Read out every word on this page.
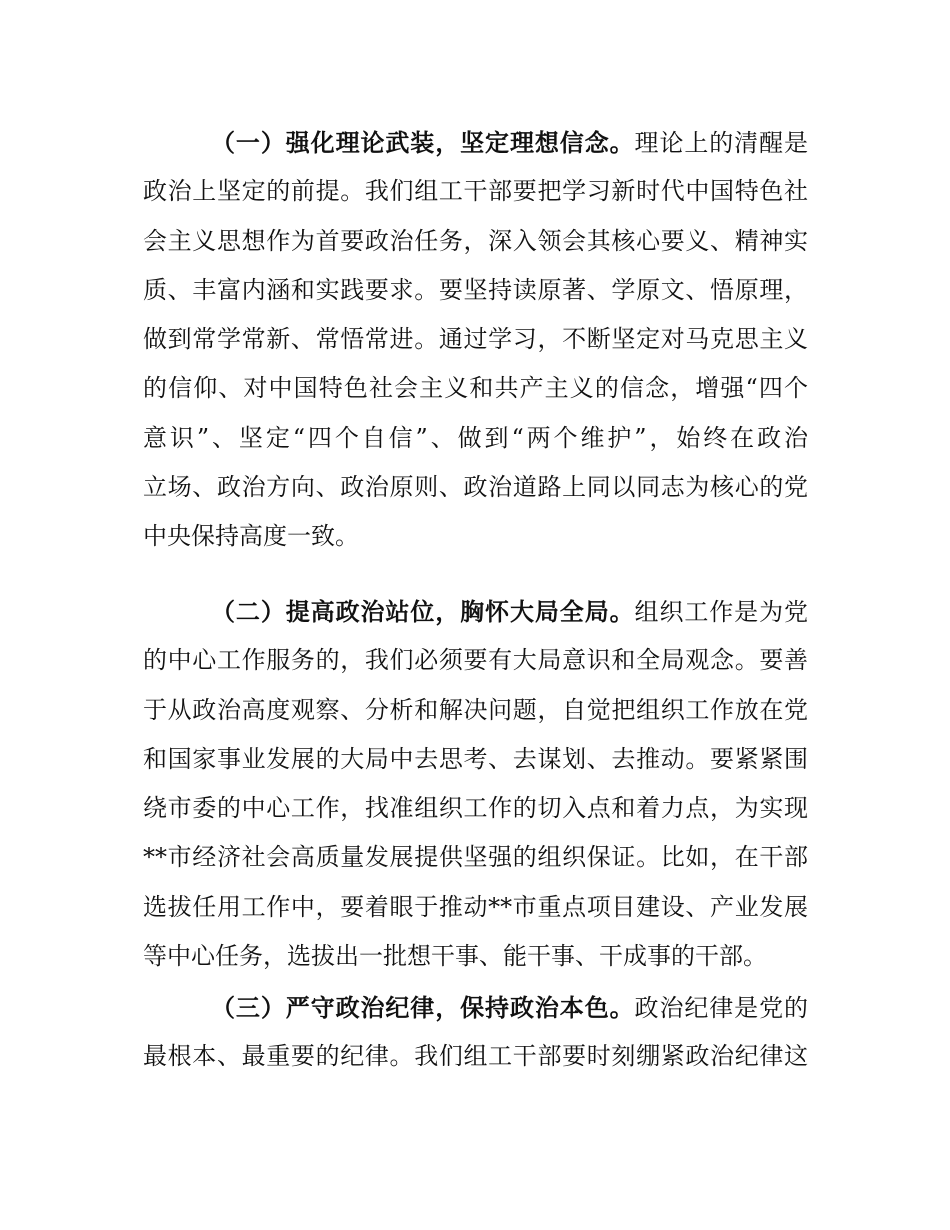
（一）强化理论武装，坚定理想信念。理论上的清醒是
政治上坚定的前提。我们组工干部要把学习新时代中国特色社
会主义思想作为首要政治任务，深入领会其核心要义、精神实
质、丰富内涵和实践要求。要坚持读原著、学原文、悟原理，
做到常学常新、常悟常进。通过学习，不断坚定对马克思主义
的信仰、对中国特色社会主义和共产主义的信念，增强“四个
意识”、坚定“四个自信”、做到“两个维护”，始终在政治
立场、政治方向、政治原则、政治道路上同以同志为核心的党
中央保持高度一致。
（二）提高政治站位，胸怀大局全局。组织工作是为党
的中心工作服务的，我们必须要有大局意识和全局观念。要善
于从政治高度观察、分析和解决问题，自觉把组织工作放在党
和国家事业发展的大局中去思考、去谋划、去推动。要紧紧围
绕市委的中心工作，找准组织工作的切入点和着力点，为实现
**市经济社会高质量发展提供坚强的组织保证。比如，在干部
选拔任用工作中，要着眼于推动**市重点项目建设、产业发展
等中心任务，选拔出一批想干事、能干事、干成事的干部。
（三）严守政治纪律，保持政治本色。政治纪律是党的
最根本、最重要的纪律。我们组工干部要时刻绷紧政治纪律这
